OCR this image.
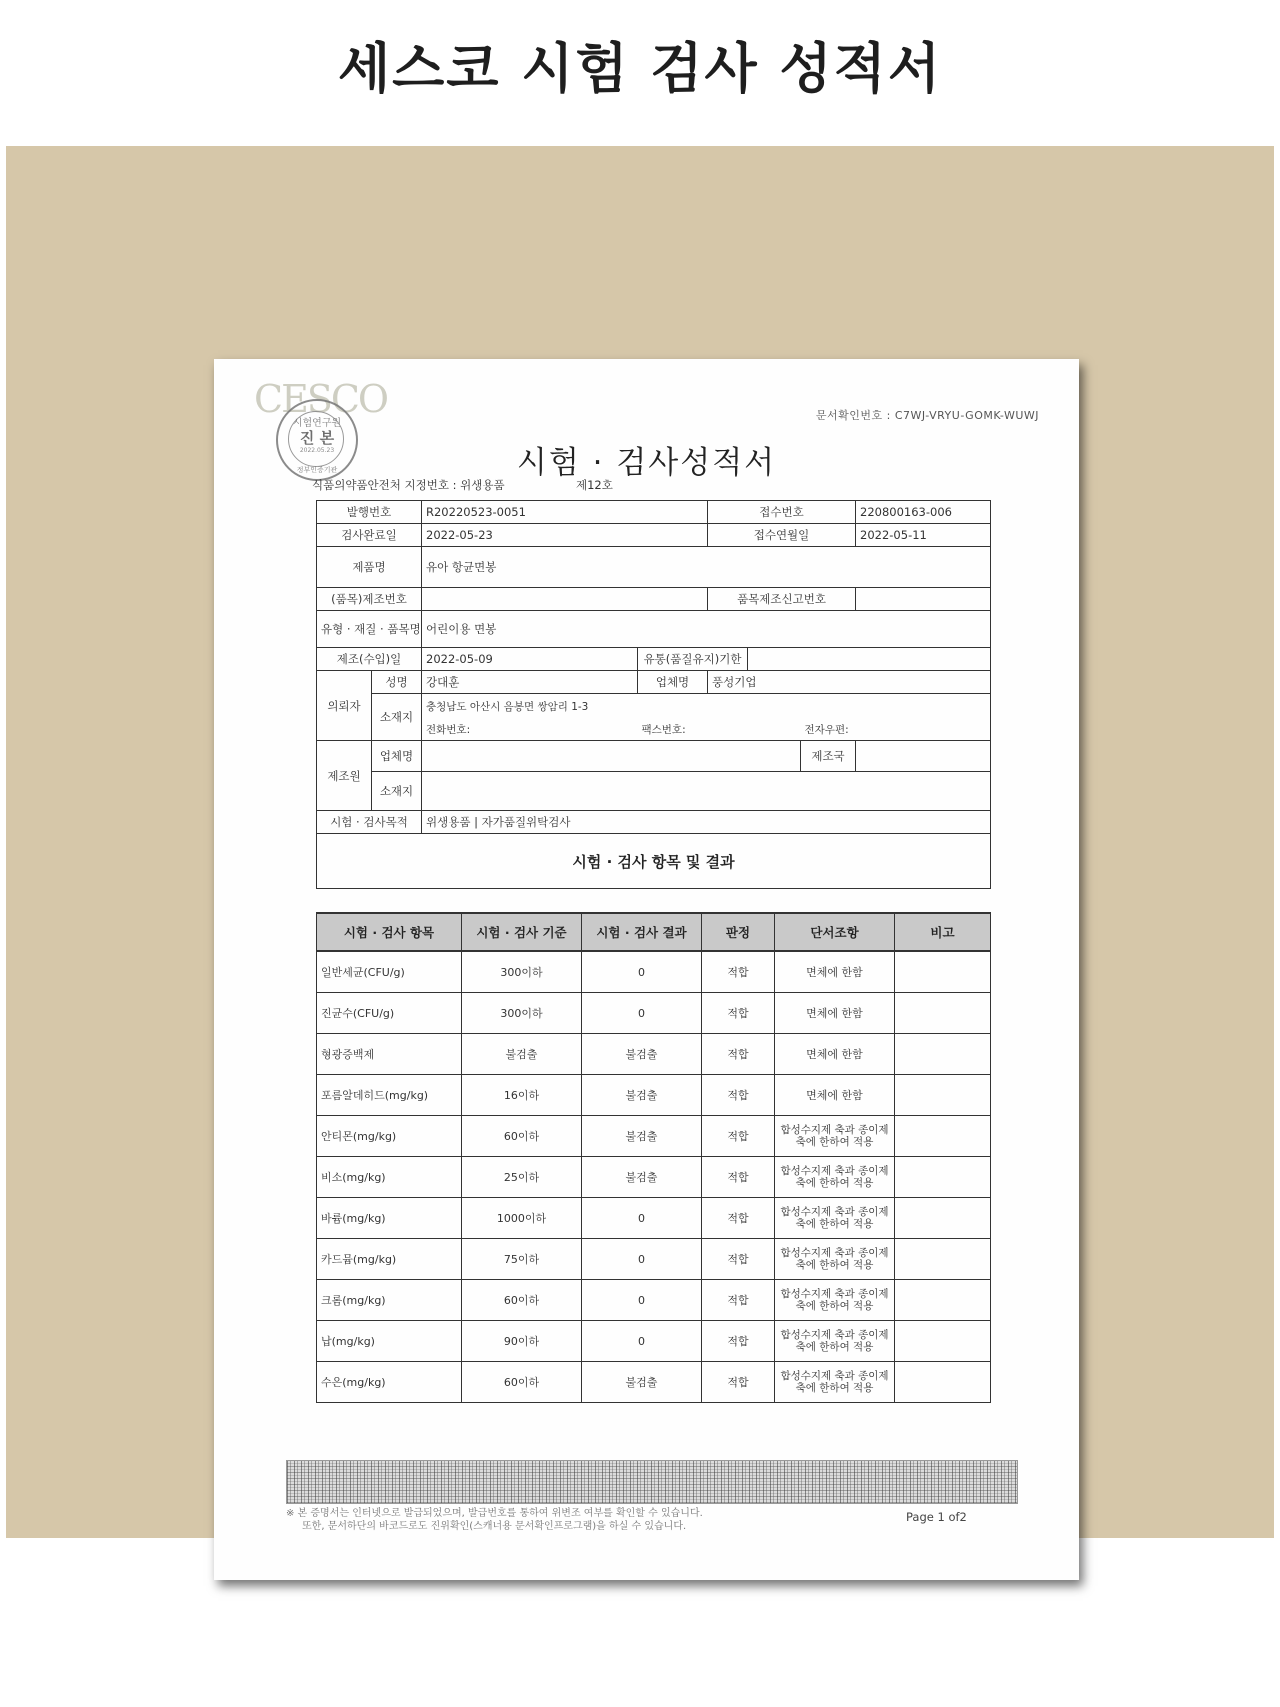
세스코 시험 검사 성적서
CESCO
시험연구원
진 본
2022.05.23
정부인증기관
문서확인번호 : C7WJ-VRYU-GOMK-WUWJ
시험 · 검사성적서
식품의약품안전처 지정번호 : 위생용품	제12호
발행번호		R20220523-0051		접수번호			220800163-006
검사완료일		2022-05-23		접수연월일			2022-05-11
제품명		유아 항균면봉					
(품목)제조번호				품목제조신고번호			
유형 · 재질 · 품목명		어린이용 면봉					
제조(수입)일		2022-05-09	유통(품질유지)기한				
의뢰자	성명	강대훈	업체명	풍성기업			
	소재지	충청남도 아산시 음봉면 쌍암리 1-3					
		전화번호:	팩스번호:			전자우편:	
제조원	업체명					제조국	
	소재지						
시험 · 검사목적		위생용품 | 자가품질위탁검사					
시험 · 검사 항목 및 결과							
시험 · 검사 항목	시험 · 검사 기준	시험 · 검사 결과	판정	단서조항	비고
일반세균(CFU/g)	300이하	0	적합	면체에 한함	
진균수(CFU/g)	300이하	0	적합	면체에 한함	
형광증백제	불검출	불검출	적합	면체에 한함	
포름알데히드(mg/kg)	16이하	불검출	적합	면체에 한함	
안티몬(mg/kg)	60이하	불검출	적합	합성수지제 축과 종이제 축에 한하여 적용	
비소(mg/kg)	25이하	불검출	적합	합성수지제 축과 종이제 축에 한하여 적용	
바륨(mg/kg)	1000이하	0	적합	합성수지제 축과 종이제 축에 한하여 적용	
카드뮴(mg/kg)	75이하	0	적합	합성수지제 축과 종이제 축에 한하여 적용	
크롬(mg/kg)	60이하	0	적합	합성수지제 축과 종이제 축에 한하여 적용	
납(mg/kg)	90이하	0	적합	합성수지제 축과 종이제 축에 한하여 적용	
수은(mg/kg)	60이하	불검출	적합	합성수지제 축과 종이제 축에 한하여 적용	
※ 본 증명서는 인터넷으로 발급되었으며, 발급번호를 통하여 위변조 여부를 확인할 수 있습니다.
또한, 문서하단의 바코드로도 진위확인(스캐너용 문서확인프로그램)을 하실 수 있습니다.
Page 1 of2
